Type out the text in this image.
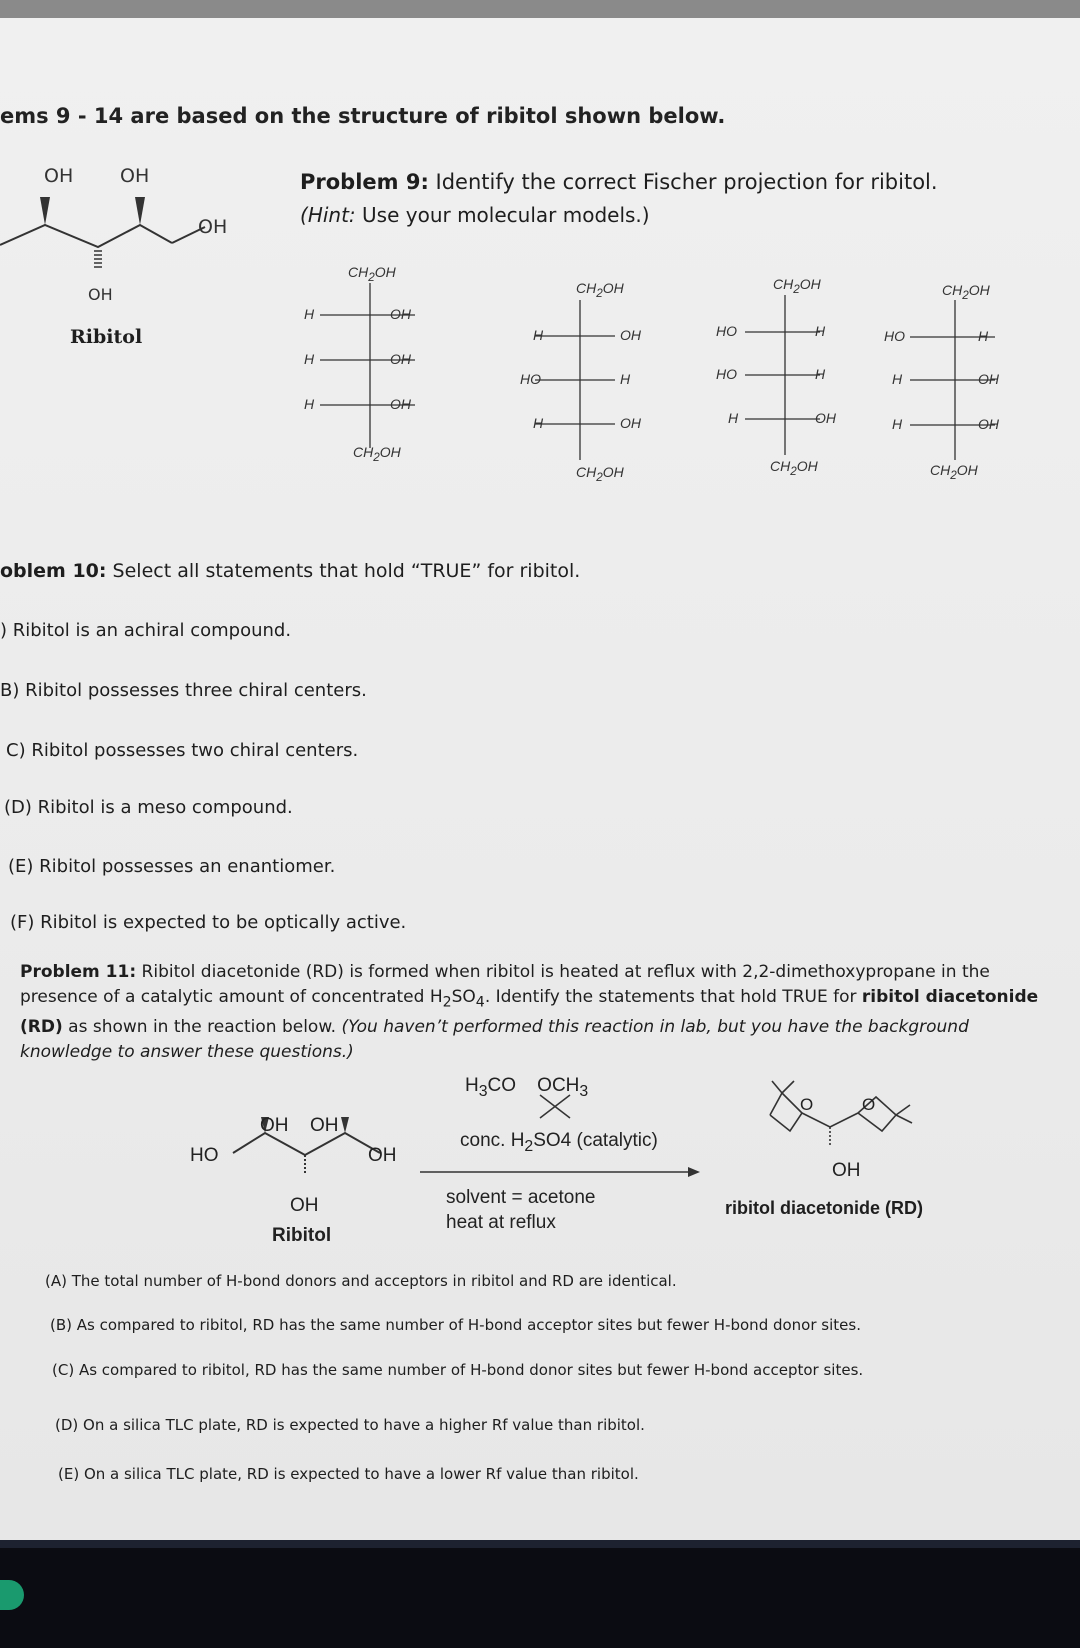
ems 9 - 14 are based on the structure of ribitol shown below.
OH OH
OH
OH
Ribitol
Problem 9: Identify the correct Fischer projection for ribitol.
(Hint: Use your molecular models.)
$CH_2OH$
H	OH
H	OH
H	OH
$CH_2OH$
$CH_2OH$
H	OH
HO	H
H	OH
$CH_2OH$
$CH_2OH$
HO	H
HO	H
H	OH
$CH_2OH$
$CH_2OH$
HO	H
H	OH
H	OH
$CH_2OH$
oblem 10: Select all statements that hold “TRUE” for ribitol.
) Ribitol is an achiral compound.
B) Ribitol possesses three chiral centers.
C) Ribitol possesses two chiral centers.
(D) Ribitol is a meso compound.
(E) Ribitol possesses an enantiomer.
(F) Ribitol is expected to be optically active.
Problem 11: Ribitol diacetonide (RD) is formed when ribitol is heated at reflux with 2,2-dimethoxypropane in the presence of a catalytic amount of concentrated $H_2SO_4$. Identify the statements that hold TRUE for ribitol diacetonide (RD) as shown in the reaction below. (You haven’t performed this reaction in lab, but you have the background knowledge to answer these questions.)
HO
OH OH
OH
OH
Ribitol
$H_3CO$    $OCH_3$
conc. $H_2SO4$ (catalytic)
solvent = acetone
heat at reflux
O	O
OH
ribitol diacetonide (RD)
(A) The total number of H-bond donors and acceptors in ribitol and RD are identical.
(B) As compared to ribitol, RD has the same number of H-bond acceptor sites but fewer H-bond donor sites.
(C) As compared to ribitol, RD has the same number of H-bond donor sites but fewer H-bond acceptor sites.
(D) On a silica TLC plate, RD is expected to have a higher Rf value than ribitol.
(E) On a silica TLC plate, RD is expected to have a lower Rf value than ribitol.
